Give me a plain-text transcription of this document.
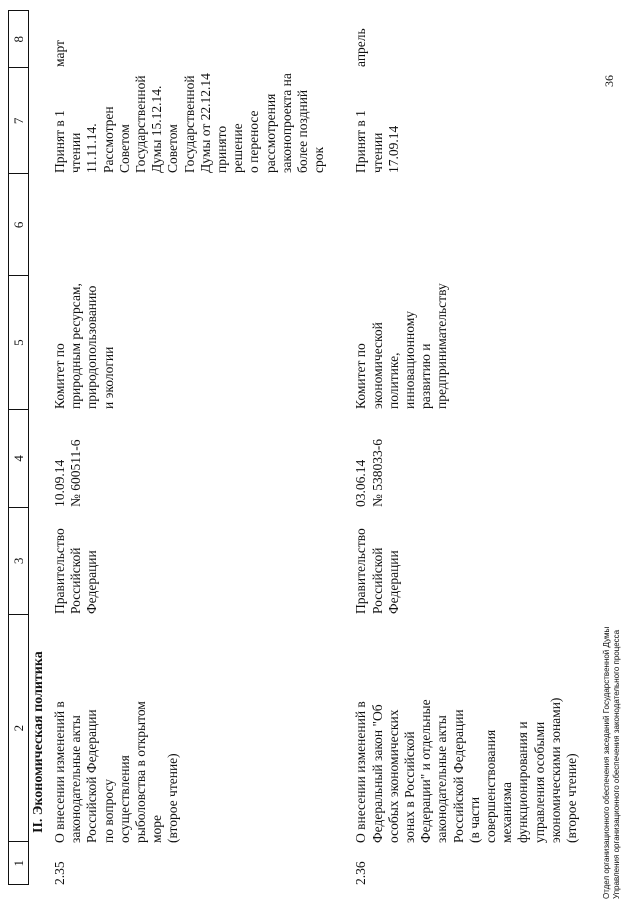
1
2
3
4
5
6
7
8
II. Экономическая политика
2.35
О внесении изменений в законодательные акты Российской Федерации по вопросу осуществления рыболовства в открытом море (второе чтение)
Правительство Российской Федерации
10.09.14 № 600511-6
Комитет по природным ресурсам, природопользованию и экологии
Принят в 1 чтении 11.11.14. Рассмотрен Советом Государственной Думы 15.12.14. Советом Государственной Думы от 22.12.14 принято решение о переносе рассмотрения законопроекта на более поздний срок
март
2.36
О внесении изменений в Федеральный закон "Об особых экономических зонах в Российской Федерации" и отдельные законодательные акты Российской Федерации (в части совершенствования механизма функционирования и управления особыми экономическими зонами) (второе чтение)
Правительство Российской Федерации
03.06.14 № 538033-6
Комитет по экономической политике, инновационному развитию и предпринимательству
Принят в 1 чтении 17.09.14
апрель
Отдел организационного обеспечения заседаний Государственной Думы Управления организационного обеспечения законодательного процесса
36
